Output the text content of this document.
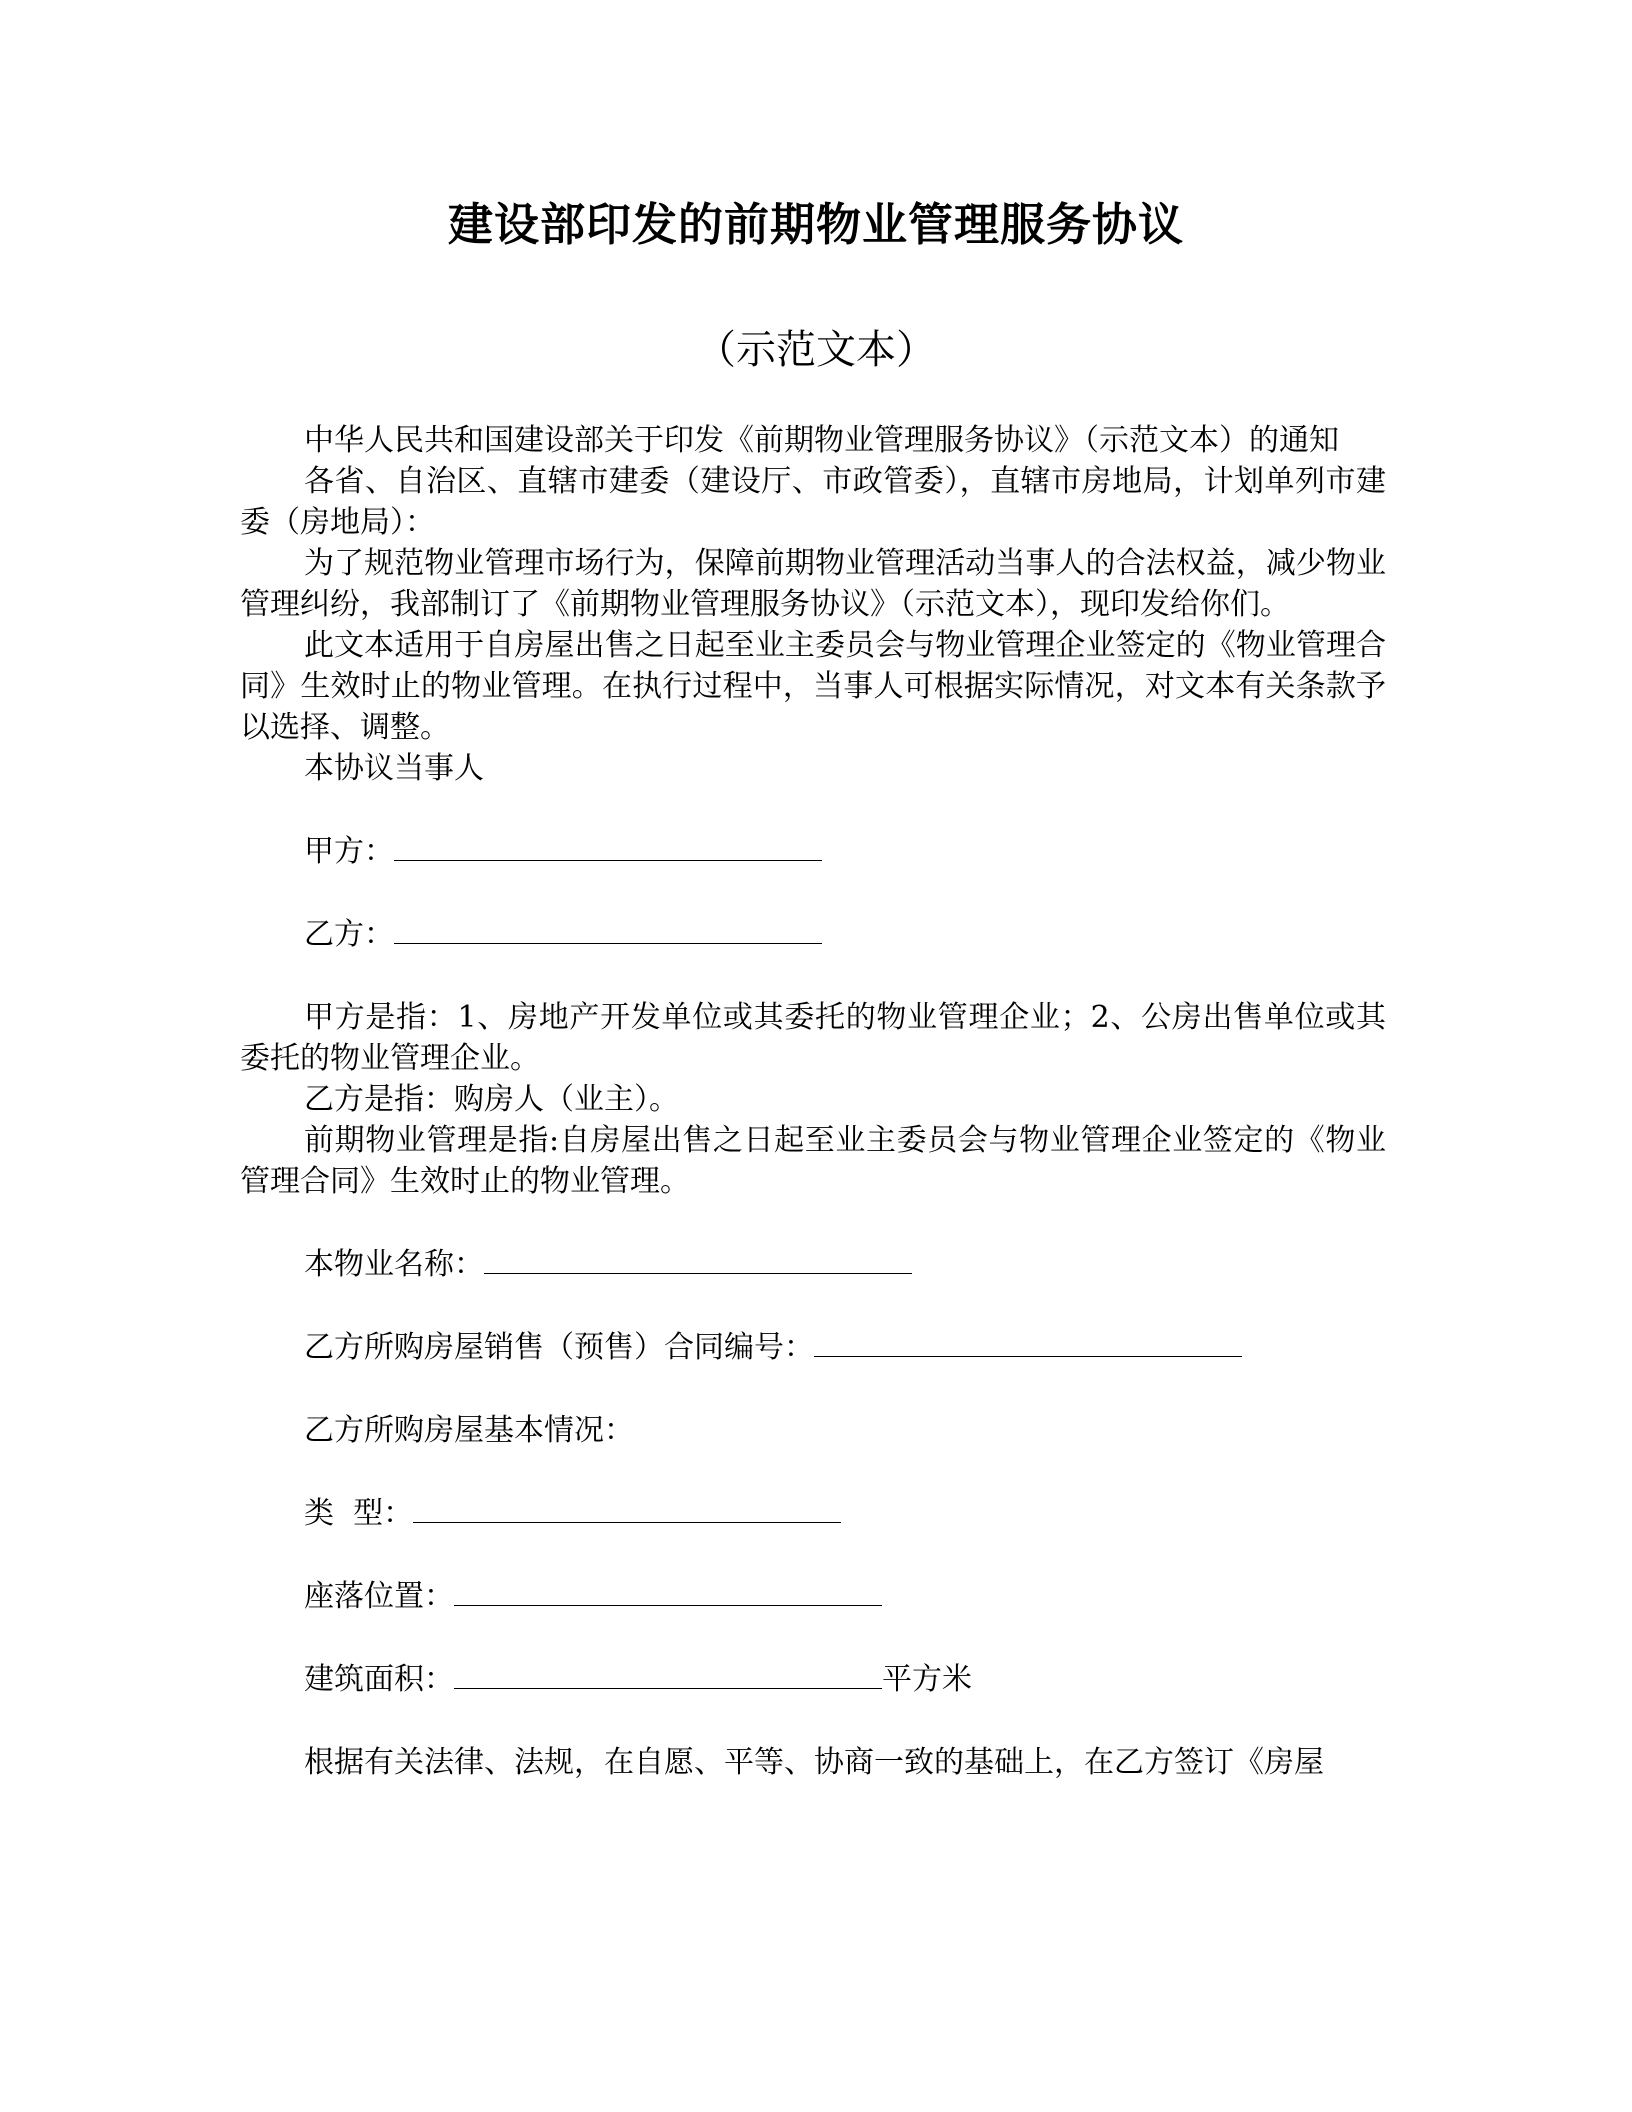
建设部印发的前期物业管理服务协议
（示范文本）

中华人民共和国建设部关于印发《前期物业管理服务协议》（示范文本）的通知

各省、自治区、直辖市建委（建设厅、市政管委），直辖市房地局，计划单列市建委（房地局）：

为了规范物业管理市场行为，保障前期物业管理活动当事人的合法权益，减少物业管理纠纷，我部制订了《前期物业管理服务协议》（示范文本），现印发给你们。

此文本适用于自房屋出售之日起至业主委员会与物业管理企业签定的《物业管理合同》生效时止的物业管理。在执行过程中，当事人可根据实际情况，对文本有关条款予以选择、调整。

本协议当事人

甲方：

乙方：

甲方是指：1、房地产开发单位或其委托的物业管理企业；2、公房出售单位或其委托的物业管理企业。

乙方是指：购房人（业主）。

前期物业管理是指:自房屋出售之日起至业主委员会与物业管理企业签定的《物业管理合同》生效时止的物业管理。

本物业名称：

乙方所购房屋销售（预售）合同编号：

乙方所购房屋基本情况：

类  型：

座落位置：

建筑面积：	平方米

根据有关法律、法规，在自愿、平等、协商一致的基础上，在乙方签订《房屋
